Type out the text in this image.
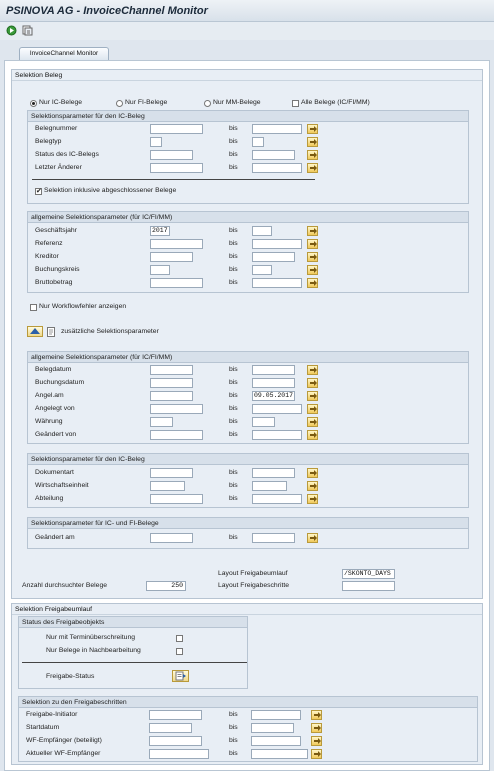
PSINOVA AG - InvoiceChannel Monitor
InvoiceChannel Monitor
Selektion Beleg
Nur IC-Belege	Nur FI-Belege	Nur MM-Belege	Alle Belege (IC/FI/MM)
Selektionsparameter für den IC-Beleg
Belegnummer	bis
Belegtyp	bis
Status des IC-Belegs	bis
Letzter Änderer	bis
✔ Selektion inklusive abgeschlossener Belege
allgemeine Selektionsparameter (für IC/FI/MM)
Geschäftsjahr	2017	bis
Referenz	bis
Kreditor	bis
Buchungskreis	bis
Bruttobetrag	bis
Nur Workflowfehler anzeigen
zusätzliche Selektionsparameter
allgemeine Selektionsparameter (für IC/FI/MM)
Belegdatum	bis
Buchungsdatum	bis
Angel.am	bis	09.05.2017
Angelegt von	bis
Währung	bis
Geändert von	bis
Selektionsparameter für den IC-Beleg
Dokumentart	bis
Wirtschaftseinheit	bis
Abteilung	bis
Selektionsparameter für IC- und FI-Belege
Geändert am	bis
Layout Freigabeumlauf	/SKONTO_DAYS
Anzahl durchsuchter Belege	250	Layout Freigabeschritte
Selektion Freigabeumlauf
Status des Freigabeobjekts
Nur mit Terminüberschreitung
Nur Belege in Nachbearbeitung
Freigabe-Status
Selektion zu den Freigabeschritten
Freigabe-Initiator	bis
Startdatum	bis
WF-Empfänger (beteiligt)	bis
Aktueller WF-Empfänger	bis
